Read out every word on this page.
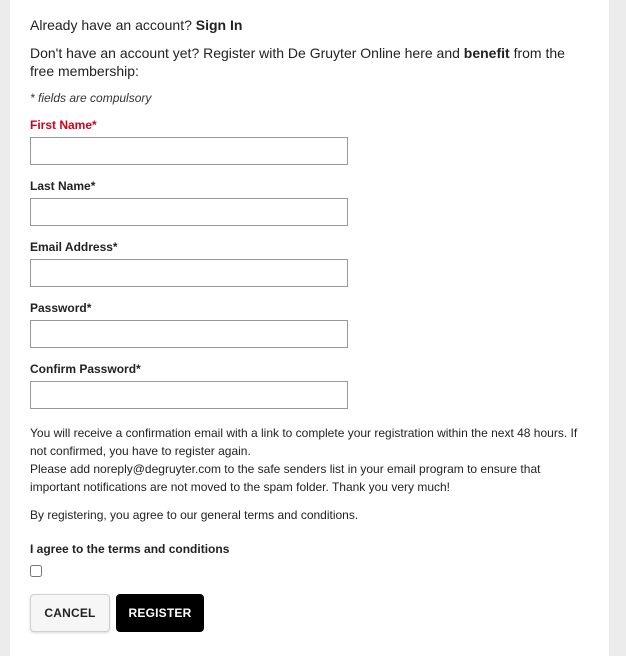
Already have an account? Sign In
Don't have an account yet? Register with De Gruyter Online here and benefit from the free membership:
* fields are compulsory
First Name*
Last Name*
Email Address*
Password*
Confirm Password*

You will receive a confirmation email with a link to complete your registration within the next 48 hours. If not confirmed, you have to register again.

Please add noreply@degruyter.com to the safe senders list in your email program to ensure that important notifications are not moved to the spam folder. Thank you very much!

By registering, you agree to our general terms and conditions.
I agree to the terms and conditions
CANCEL	REGISTER
